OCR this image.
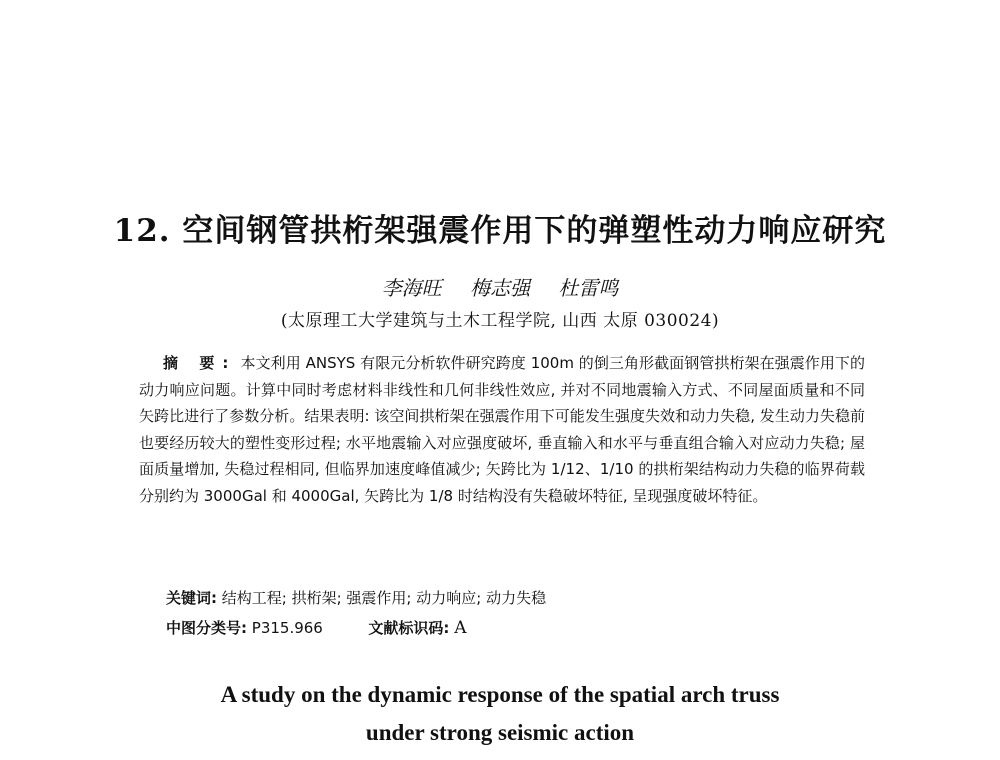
12. 空间钢管拱桁架强震作用下的弹塑性动力响应研究
李海旺 梅志强 杜雷鸣
(太原理工大学建筑与土木工程学院, 山西 太原 030024)
摘 要: 本文利用 ANSYS 有限元分析软件研究跨度 100m 的倒三角形截面钢管拱桁架在强震作用下的动力响应问题。计算中同时考虑材料非线性和几何非线性效应, 并对不同地震输入方式、不同屋面质量和不同矢跨比进行了参数分析。结果表明: 该空间拱桁架在强震作用下可能发生强度失效和动力失稳, 发生动力失稳前也要经历较大的塑性变形过程; 水平地震输入对应强度破坏, 垂直输入和水平与垂直组合输入对应动力失稳; 屋面质量增加, 失稳过程相同, 但临界加速度峰值减少; 矢跨比为 1/12、1/10 的拱桁架结构动力失稳的临界荷载分别约为 3000Gal 和 4000Gal, 矢跨比为 1/8 时结构没有失稳破坏特征, 呈现强度破坏特征。
关键词: 结构工程; 拱桁架; 强震作用; 动力响应; 动力失稳
中图分类号: P315.966	文献标识码: A
A study on the dynamic response of the spatial arch truss
under strong seismic action
